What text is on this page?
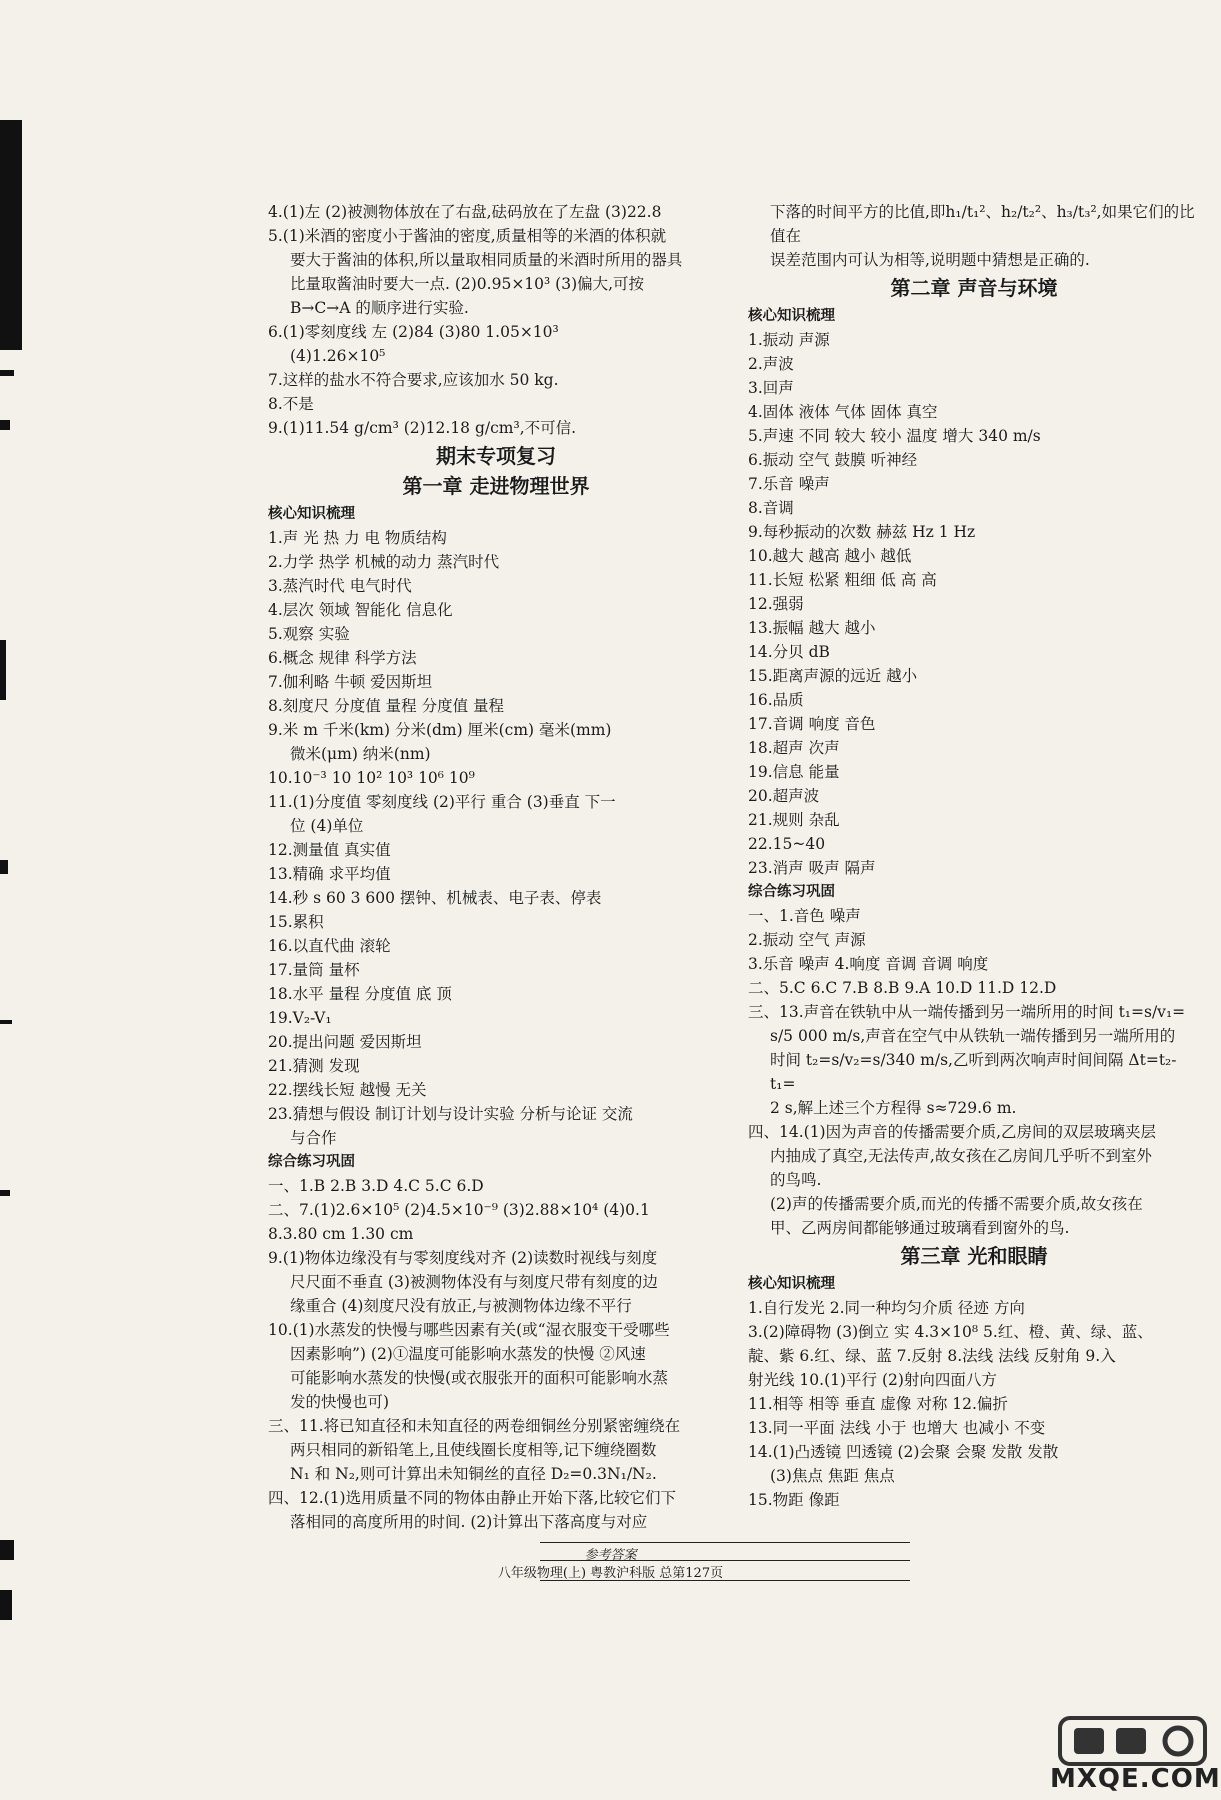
4.(1)左 (2)被测物体放在了右盘,砝码放在了左盘 (3)22.8
5.(1)米酒的密度小于酱油的密度,质量相等的米酒的体积就
要大于酱油的体积,所以量取相同质量的米酒时所用的器具
比量取酱油时要大一点. (2)0.95×10³ (3)偏大,可按
B→C→A 的顺序进行实验.
6.(1)零刻度线 左 (2)84 (3)80 1.05×10³
(4)1.26×10⁵
7.这样的盐水不符合要求,应该加水 50 kg.
8.不是
9.(1)11.54 g/cm³ (2)12.18 g/cm³,不可信.
期末专项复习
第一章 走进物理世界
核心知识梳理
1.声 光 热 力 电 物质结构
2.力学 热学 机械的动力 蒸汽时代
3.蒸汽时代 电气时代
4.层次 领域 智能化 信息化
5.观察 实验
6.概念 规律 科学方法
7.伽利略 牛顿 爱因斯坦
8.刻度尺 分度值 量程 分度值 量程
9.米 m 千米(km) 分米(dm) 厘米(cm) 毫米(mm)
微米(μm) 纳米(nm)
10.10⁻³ 10 10² 10³ 10⁶ 10⁹
11.(1)分度值 零刻度线 (2)平行 重合 (3)垂直 下一
位 (4)单位
12.测量值 真实值
13.精确 求平均值
14.秒 s 60 3 600 摆钟、机械表、电子表、停表
15.累积
16.以直代曲 滚轮
17.量筒 量杯
18.水平 量程 分度值 底 顶
19.V₂-V₁
20.提出问题 爱因斯坦
21.猜测 发现
22.摆线长短 越慢 无关
23.猜想与假设 制订计划与设计实验 分析与论证 交流
与合作
综合练习巩固
一、1.B 2.B 3.D 4.C 5.C 6.D
二、7.(1)2.6×10⁵ (2)4.5×10⁻⁹ (3)2.88×10⁴ (4)0.1
8.3.80 cm 1.30 cm
9.(1)物体边缘没有与零刻度线对齐 (2)读数时视线与刻度
尺尺面不垂直 (3)被测物体没有与刻度尺带有刻度的边
缘重合 (4)刻度尺没有放正,与被测物体边缘不平行
10.(1)水蒸发的快慢与哪些因素有关(或“湿衣服变干受哪些
因素影响”) (2)①温度可能影响水蒸发的快慢 ②风速
可能影响水蒸发的快慢(或衣服张开的面积可能影响水蒸
发的快慢也可)
三、11.将已知直径和未知直径的两卷细铜丝分别紧密缠绕在
两只相同的新铅笔上,且使线圈长度相等,记下缠绕圈数
N₁ 和 N₂,则可计算出未知铜丝的直径 D₂=0.3N₁/N₂.
四、12.(1)选用质量不同的物体由静止开始下落,比较它们下
落相同的高度所用的时间. (2)计算出下落高度与对应
下落的时间平方的比值,即h₁/t₁²、h₂/t₂²、h₃/t₃²,如果它们的比值在
误差范围内可认为相等,说明题中猜想是正确的.
第二章 声音与环境
核心知识梳理
1.振动 声源
2.声波
3.回声
4.固体 液体 气体 固体 真空
5.声速 不同 较大 较小 温度 增大 340 m/s
6.振动 空气 鼓膜 听神经
7.乐音 噪声
8.音调
9.每秒振动的次数 赫兹 Hz 1 Hz
10.越大 越高 越小 越低
11.长短 松紧 粗细 低 高 高
12.强弱
13.振幅 越大 越小
14.分贝 dB
15.距离声源的远近 越小
16.品质
17.音调 响度 音色
18.超声 次声
19.信息 能量
20.超声波
21.规则 杂乱
22.15~40
23.消声 吸声 隔声
综合练习巩固
一、1.音色 噪声
2.振动 空气 声源
3.乐音 噪声 4.响度 音调 音调 响度
二、5.C 6.C 7.B 8.B 9.A 10.D 11.D 12.D
三、13.声音在铁轨中从一端传播到另一端所用的时间 t₁=s/v₁=
s/5 000 m/s,声音在空气中从铁轨一端传播到另一端所用的
时间 t₂=s/v₂=s/340 m/s,乙听到两次响声时间间隔 Δt=t₂-t₁=
2 s,解上述三个方程得 s≈729.6 m.
四、14.(1)因为声音的传播需要介质,乙房间的双层玻璃夹层
内抽成了真空,无法传声,故女孩在乙房间几乎听不到室外
的鸟鸣.
(2)声的传播需要介质,而光的传播不需要介质,故女孩在
甲、乙两房间都能够通过玻璃看到窗外的鸟.
第三章 光和眼睛
核心知识梳理
1.自行发光 2.同一种均匀介质 径迹 方向
3.(2)障碍物 (3)倒立 实 4.3×10⁸ 5.红、橙、黄、绿、蓝、
靛、紫 6.红、绿、蓝 7.反射 8.法线 法线 反射角 9.入
射光线 10.(1)平行 (2)射向四面八方
11.相等 相等 垂直 虚像 对称 12.偏折
13.同一平面 法线 小于 也增大 也减小 不变
14.(1)凸透镜 凹透镜 (2)会聚 会聚 发散 发散
(3)焦点 焦距 焦点
15.物距 像距
参考答案
八年级物理(上) 粤教沪科版 总第127页
MXQE.COM
